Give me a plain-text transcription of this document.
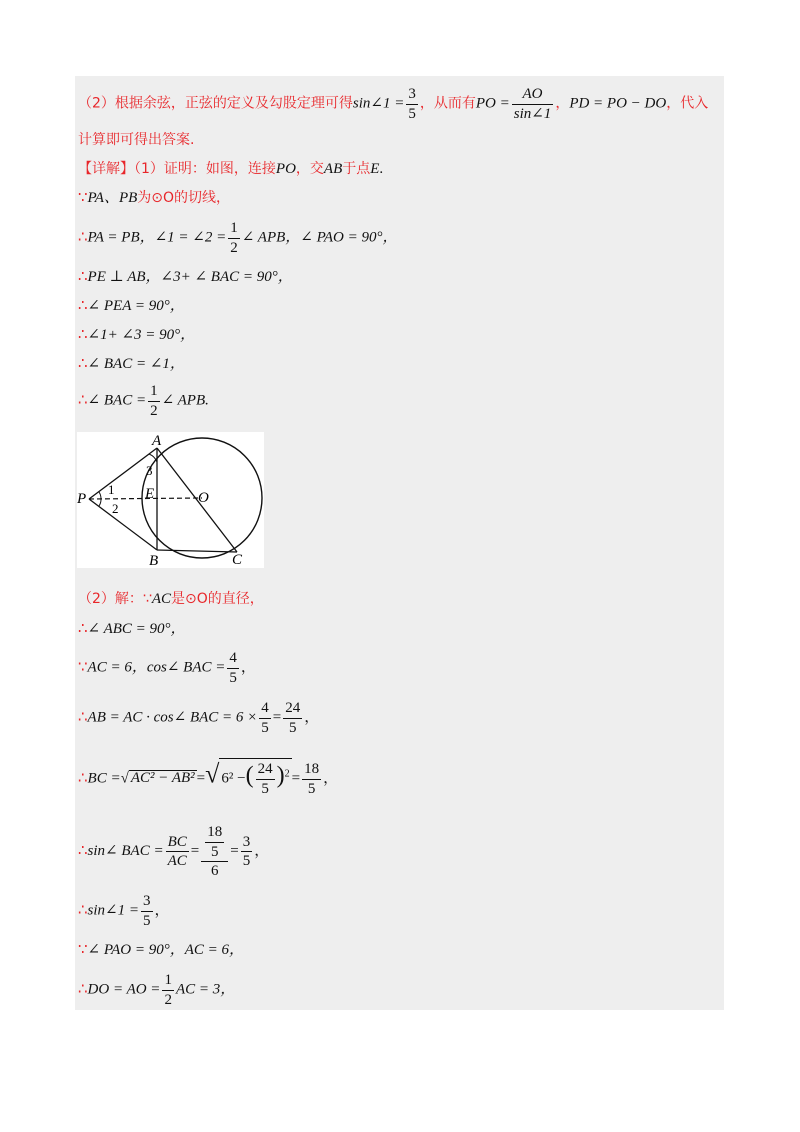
（2）根据余弦，正弦的定义及勾股定理可得sin∠1 = $\frac{3}{5}$ ，从而有PO = $\frac{AO}{\sin\angle 1}$ ，PD = PO − DO，代入
计算即可得出答案.
【详解】（1）证明：如图，连接PO，交AB于点E.
∵PA、PB为⊙O的切线，
∴PA = PB，∠1 = ∠2 = $\frac{1}{2}$ ∠ APB，∠ PAO = 90°，
∴PE ⊥ AB，∠3+ ∠ BAC = 90°，
∴∠ PEA = 90°，
∴∠1+ ∠3 = 90°，
∴∠ BAC = ∠1，
∴∠ BAC = $\frac{1}{2}$ ∠ APB.
A
P	E	O
B	C
1
2
3
（2）解：∵AC是⊙O的直径，
∴∠ ABC = 90°，
∵AC = 6，cos∠ BAC = $\frac{4}{5}$ ，
∴AB = AC · cos∠ BAC = $6 \times \frac{4}{5} = \frac{24}{5}$ ，
∴BC =√ AC² − AB² =√ 6² −( $\frac{24}{5} )^2 = \frac{18}{5}$ ，
∴sin∠ BAC = $\frac{BC}{AC} = \frac{\frac{18}{5}}{6} = \frac{3}{5}$ ，
∴sin∠1 = $\frac{3}{5}$ ，
∵∠ PAO = 90°，AC = 6，
∴DO = AO = $\frac{1}{2}$ AC = 3，
